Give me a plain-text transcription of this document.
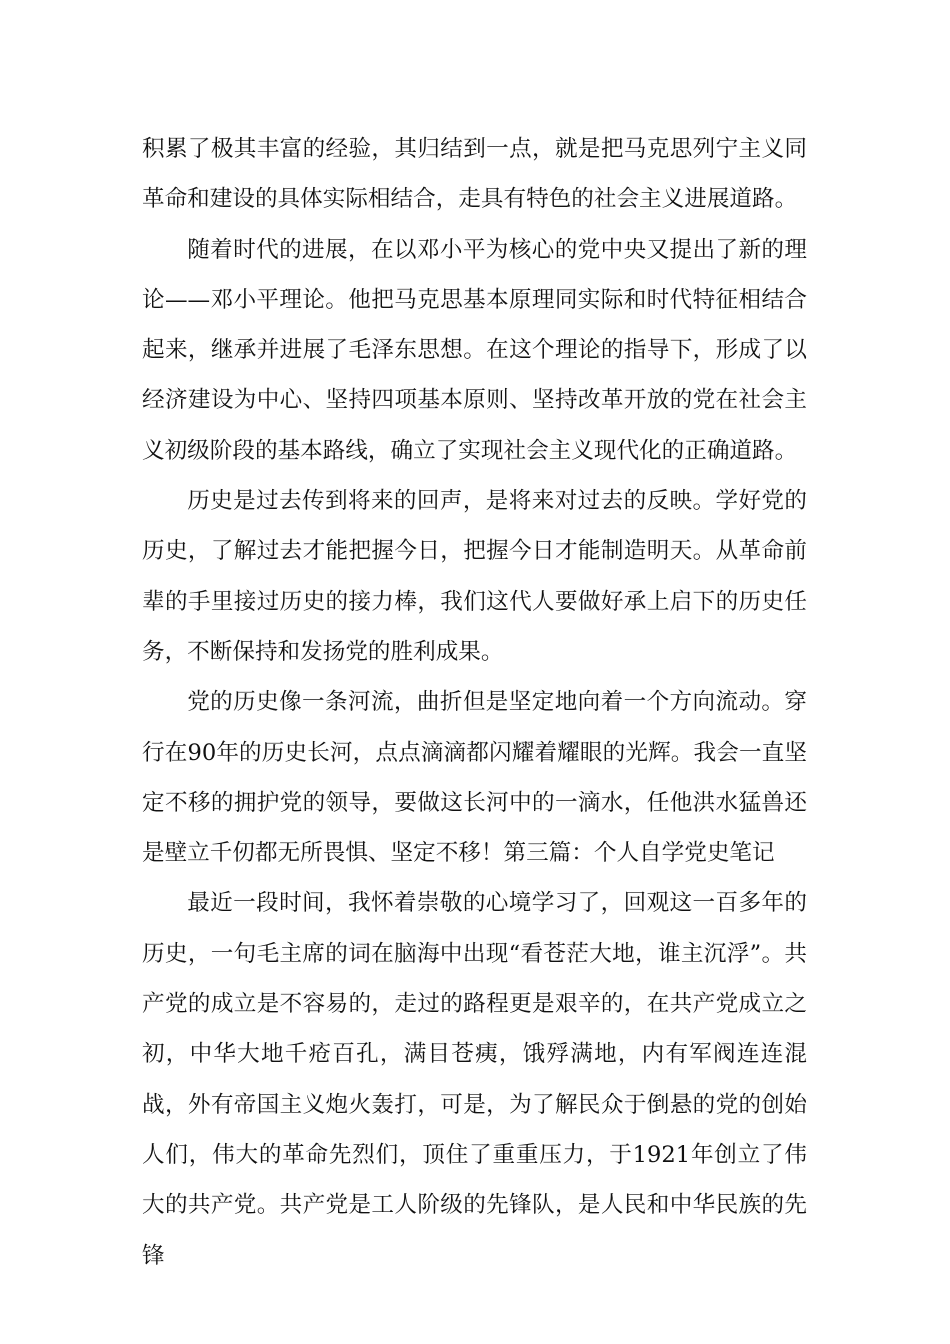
积累了极其丰富的经验，其归结到一点，就是把马克思列宁主义同革命和建设的具体实际相结合，走具有特色的社会主义进展道路。

随着时代的进展，在以邓小平为核心的党中央又提出了新的理论——邓小平理论。他把马克思基本原理同实际和时代特征相结合起来，继承并进展了毛泽东思想。在这个理论的指导下，形成了以经济建设为中心、坚持四项基本原则、坚持改革开放的党在社会主义初级阶段的基本路线，确立了实现社会主义现代化的正确道路。

历史是过去传到将来的回声，是将来对过去的反映。学好党的历史，了解过去才能把握今日，把握今日才能制造明天。从革命前辈的手里接过历史的接力棒，我们这代人要做好承上启下的历史任务，不断保持和发扬党的胜利成果。

党的历史像一条河流，曲折但是坚定地向着一个方向流动。穿行在90年的历史长河，点点滴滴都闪耀着耀眼的光辉。我会一直坚定不移的拥护党的领导，要做这长河中的一滴水，任他洪水猛兽还是壁立千仞都无所畏惧、坚定不移！第三篇：个人自学党史笔记

最近一段时间，我怀着崇敬的心境学习了，回观这一百多年的历史，一句毛主席的词在脑海中出现“看苍茫大地，谁主沉浮”。共产党的成立是不容易的，走过的路程更是艰辛的，在共产党成立之初，中华大地千疮百孔，满目苍痍，饿殍满地，内有军阀连连混战，外有帝国主义炮火轰打，可是，为了解民众于倒悬的党的创始人们，伟大的革命先烈们，顶住了重重压力，于1921年创立了伟大的共产党。共产党是工人阶级的先锋队，是人民和中华民族的先锋
